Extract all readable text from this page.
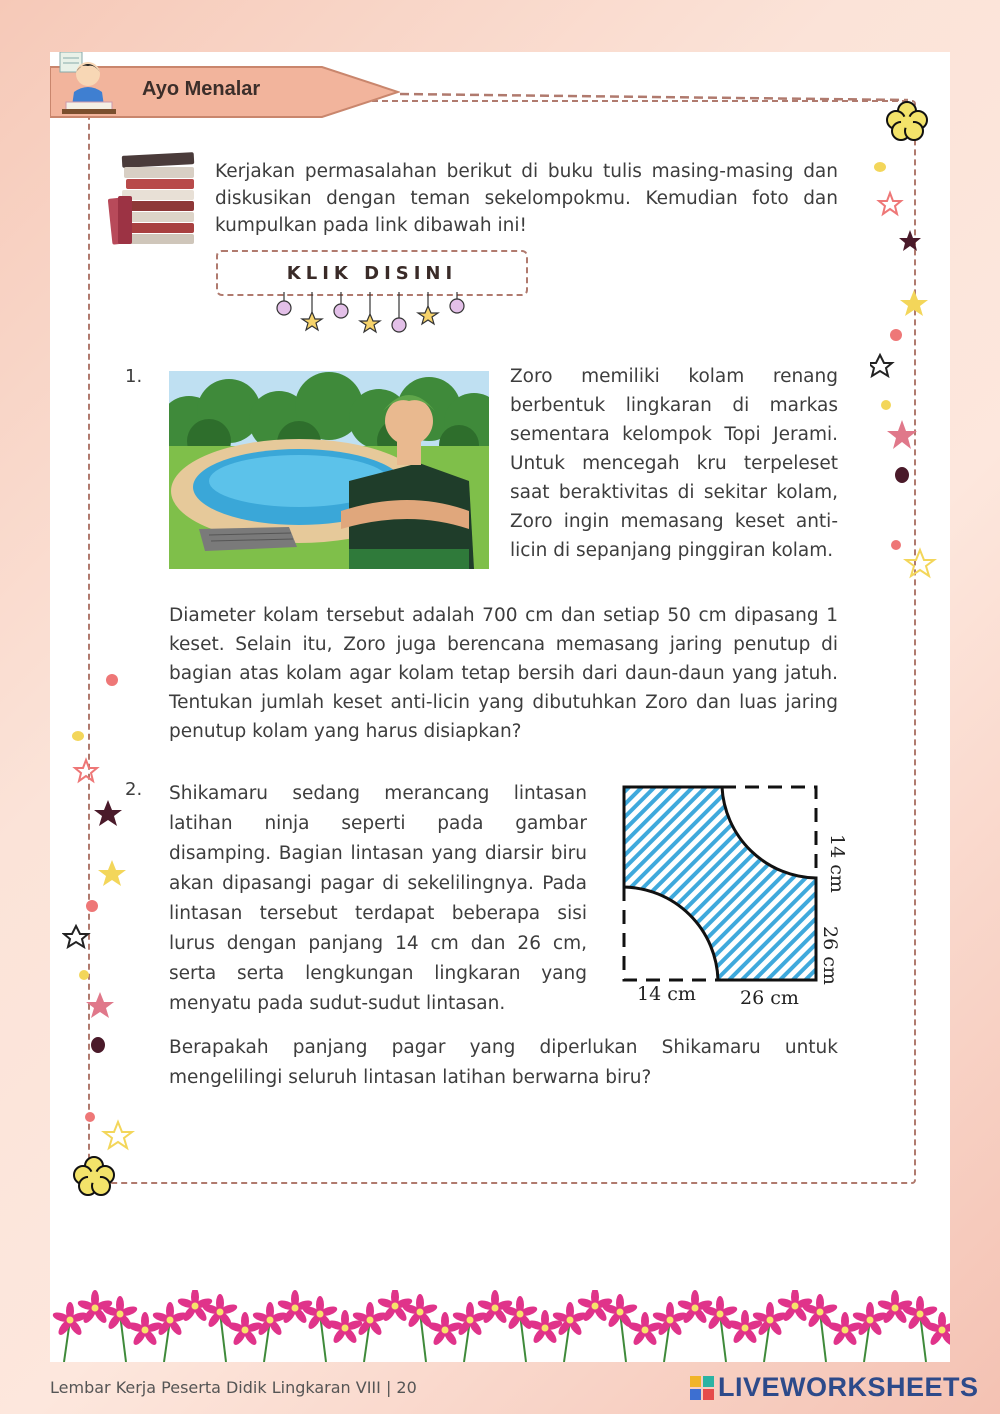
Ayo Menalar
Kerjakan permasalahan berikut di buku tulis masing-masing dan diskusikan dengan teman sekelompokmu. Kemudian foto dan kumpulkan pada link dibawah ini!
KLIK DISINI
1.	Zoro memiliki kolam renang berbentuk lingkaran di markas sementara kelompok Topi Jerami. Untuk mencegah kru terpeleset saat beraktivitas di sekitar kolam, Zoro ingin memasang keset anti-licin di sepanjang pinggiran kolam.
Diameter kolam tersebut adalah 700 cm dan setiap 50 cm dipasang 1 keset. Selain itu, Zoro juga berencana memasang jaring penutup di bagian atas kolam agar kolam tetap bersih dari daun-daun yang jatuh. Tentukan jumlah keset anti-licin yang dibutuhkan Zoro dan luas jaring penutup kolam yang harus disiapkan?
2. Shikamaru sedang merancang lintasan latihan ninja seperti pada gambar disamping. Bagian lintasan yang diarsir biru akan dipasangi pagar di sekelilingnya. Pada lintasan tersebut terdapat beberapa sisi lurus dengan panjang 14 cm dan 26 cm, serta serta lengkungan lingkaran yang menyatu pada sudut-sudut lintasan.
14 cm
26 cm
14 cm 26 cm
Berapakah panjang pagar yang diperlukan Shikamaru untuk mengelilingi seluruh lintasan latihan berwarna biru?
Lembar Kerja Peserta Didik Lingkaran VIII | 20	LIVEWORKSHEETS
